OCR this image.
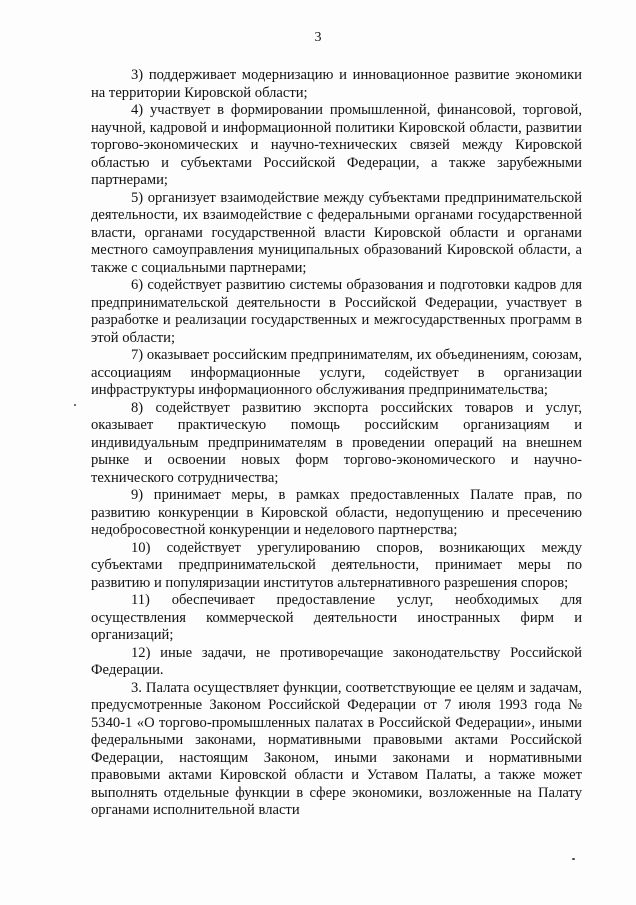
3

3) поддерживает модернизацию и инновационное развитие экономики на территории Кировской области;

4) участвует в формировании промышленной, финансовой, торговой, научной, кадровой и информационной политики Кировской области, развитии торгово-экономических и научно-технических связей между Кировской областью и субъектами Российской Федерации, а также зарубежными партнерами;

5) организует взаимодействие между субъектами предпринимательской деятельности, их взаимодействие с федеральными органами государственной власти, органами государственной власти Кировской области и органами местного самоуправления муниципальных образований Кировской области, а также с социальными партнерами;

6) содействует развитию системы образования и подготовки кадров для предпринимательской деятельности в Российской Федерации, участвует в разработке и реализации государственных и межгосударственных программ в этой области;

7) оказывает российским предпринимателям, их объединениям, союзам, ассоциациям информационные услуги, содействует в организации инфраструктуры информационного обслуживания предпринимательства;

8) содействует развитию экспорта российских товаров и услуг, оказывает практическую помощь российским организациям и индивидуальным предпринимателям в проведении операций на внешнем рынке и освоении новых форм торгово-экономического и научно-технического сотрудничества;

9) принимает меры, в рамках предоставленных Палате прав, по развитию конкуренции в Кировской области, недопущению и пресечению недобросовестной конкуренции и неделового партнерства;

10) содействует урегулированию споров, возникающих между субъектами предпринимательской деятельности, принимает меры по развитию и популяризации институтов альтернативного разрешения споров;

11) обеспечивает предоставление услуг, необходимых для осуществления коммерческой деятельности иностранных фирм и организаций;

12) иные задачи, не противоречащие законодательству Российской Федерации.

3. Палата осуществляет функции, соответствующие ее целям и задачам, предусмотренные Законом Российской Федерации от 7 июля 1993 года № 5340-1 «О торгово-промышленных палатах в Российской Федерации», иными федеральными законами, нормативными правовыми актами Российской Федерации, настоящим Законом, иными законами и нормативными правовыми актами Кировской области и Уставом Палаты, а также может выполнять отдельные функции в сфере экономики, возложенные на Палату органами исполнительной власти
